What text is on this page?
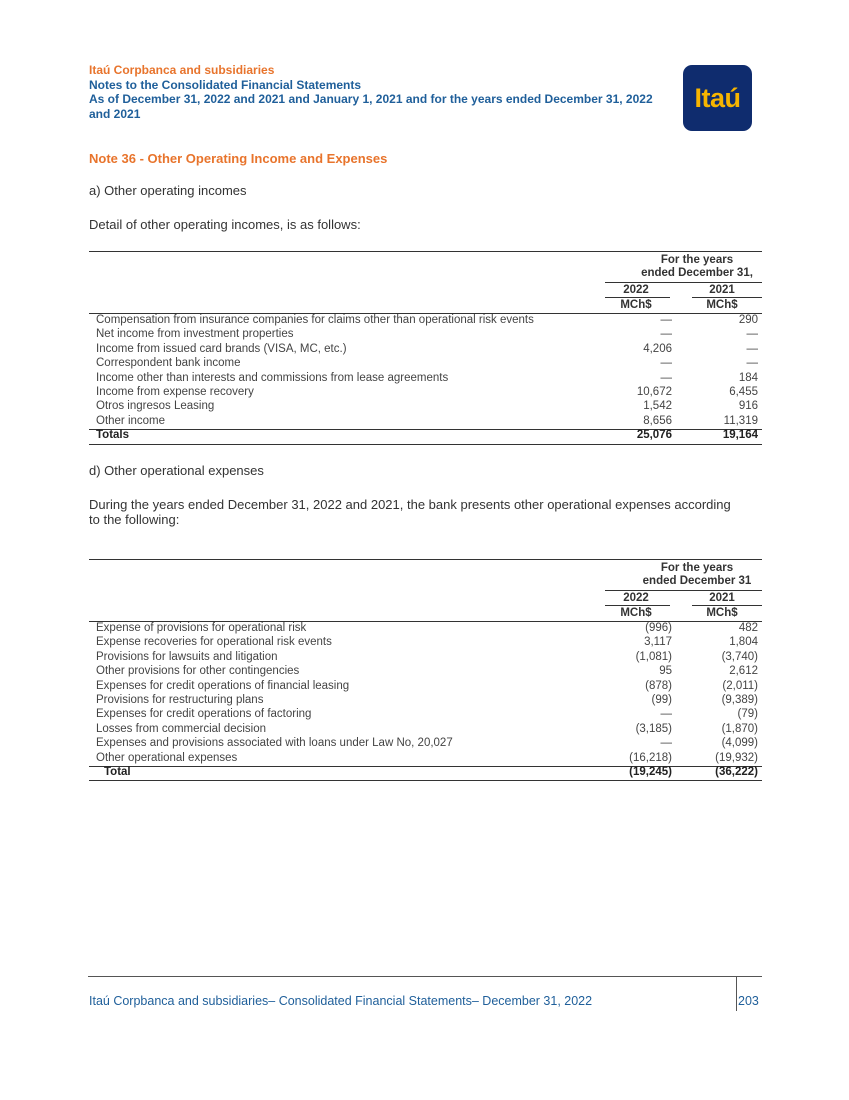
Itaú Corpbanca and subsidiaries
Notes to the Consolidated Financial Statements
As of December 31, 2022 and 2021 and January 1, 2021 and for the years ended December 31, 2022
and 2021
Itaú
Note 36 - Other Operating Income and Expenses
a) Other operating incomes
Detail of other operating incomes, is as follows:
For the years
ended December 31,
2022	2021
MCh$	MCh$
Compensation from insurance companies for claims other than operational risk events	—	290
Net income from investment properties	—	—
Income from issued card brands (VISA, MC, etc.)	4,206	—
Correspondent bank income	—	—
Income other than interests and commissions from lease agreements	—	184
Income from expense recovery	10,672	6,455
Otros ingresos Leasing	1,542	916
Other income	8,656	11,319
Totals	25,076	19,164
d) Other operational expenses
During the years ended December 31, 2022 and 2021, the bank presents other operational expenses according
to the following:
For the years
ended December 31
2022	2021
MCh$	MCh$
Expense of provisions for operational risk	(996)	482
Expense recoveries for operational risk events	3,117	1,804
Provisions for lawsuits and litigation	(1,081)	(3,740)
Other provisions for other contingencies	95	2,612
Expenses for credit operations of financial leasing	(878)	(2,011)
Provisions for restructuring plans	(99)	(9,389)
Expenses for credit operations of factoring	—	(79)
Losses from commercial decision	(3,185)	(1,870)
Expenses and provisions associated with loans under Law No, 20,027	—	(4,099)
Other operational expenses	(16,218)	(19,932)
Total	(19,245)	(36,222)
Itaú Corpbanca and subsidiaries– Consolidated Financial Statements– December 31, 2022	203
